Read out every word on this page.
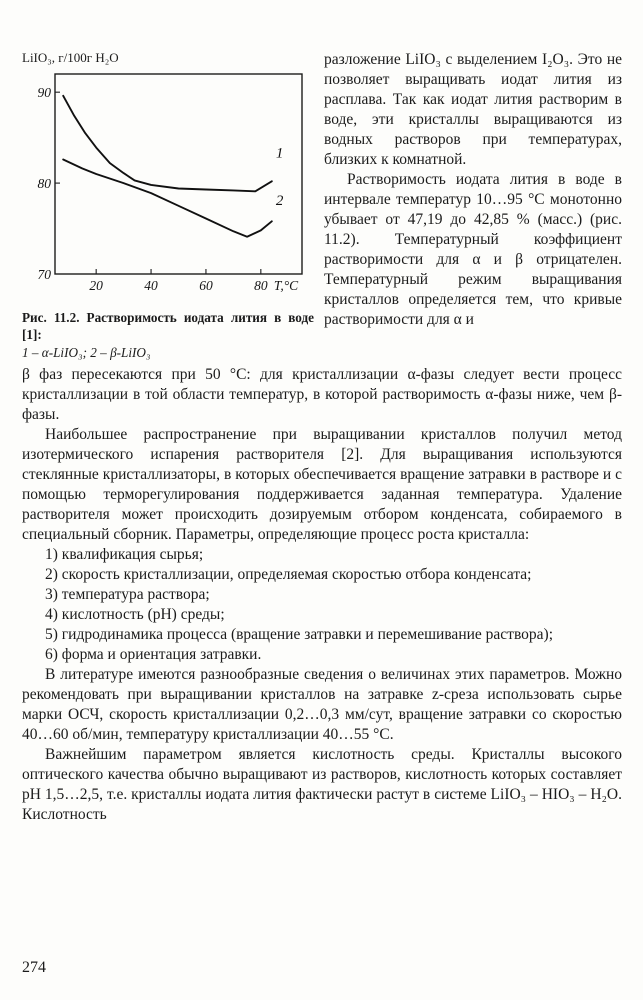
LiIO₃, г/100г H₂O
70
80
90
20	40	60	80 T,°C
1
2
Рис. 11.2. Растворимость иодата лития в воде [1]:
1 – α-LiIO₃; 2 – β-LiIO₃

разложение LiIO₃ с выделением I₂O₃. Это не позволяет выращивать иодат лития из расплава. Так как иодат лития растворим в воде, эти кристаллы выращиваются из водных растворов при температурах, близких к комнатной.

Растворимость иодата лития в воде в интервале температур 10…95 °С монотонно убывает от 47,19 до 42,85 % (масс.) (рис. 11.2). Температурный коэффициент растворимости для α и β отрицателен. Температурный режим выращивания кристаллов определяется тем, что кривые растворимости для α и

β фаз пересекаются при 50 °С: для кристаллизации α-фазы следует вести процесс кристаллизации в той области температур, в которой растворимость α-фазы ниже, чем β-фазы.

Наибольшее распространение при выращивании кристаллов получил метод изотермического испарения растворителя [2]. Для выращивания используются стеклянные кристаллизаторы, в которых обеспечивается вращение затравки в растворе и с помощью терморегулирования поддерживается заданная температура. Удаление растворителя может происходить дозируемым отбором конденсата, собираемого в специальный сборник. Параметры, определяющие процесс роста кристалла:

1) квалификация сырья;

2) скорость кристаллизации, определяемая скоростью отбора конденсата;

3) температура раствора;

4) кислотность (pH) среды;

5) гидродинамика процесса (вращение затравки и перемешивание раствора);

6) форма и ориентация затравки.

В литературе имеются разнообразные сведения о величинах этих параметров. Можно рекомендовать при выращивании кристаллов на затравке z-среза использовать сырье марки ОСЧ, скорость кристаллизации 0,2…0,3 мм/сут, вращение затравки со скоростью 40…60 об/мин, температуру кристаллизации 40…55 °С.

Важнейшим параметром является кислотность среды. Кристаллы высокого оптического качества обычно выращивают из растворов, кислотность которых составляет pH 1,5…2,5, т.е. кристаллы иодата лития фактически растут в системе LiIO₃ – HIO₃ – H₂O. Кислотность

274
